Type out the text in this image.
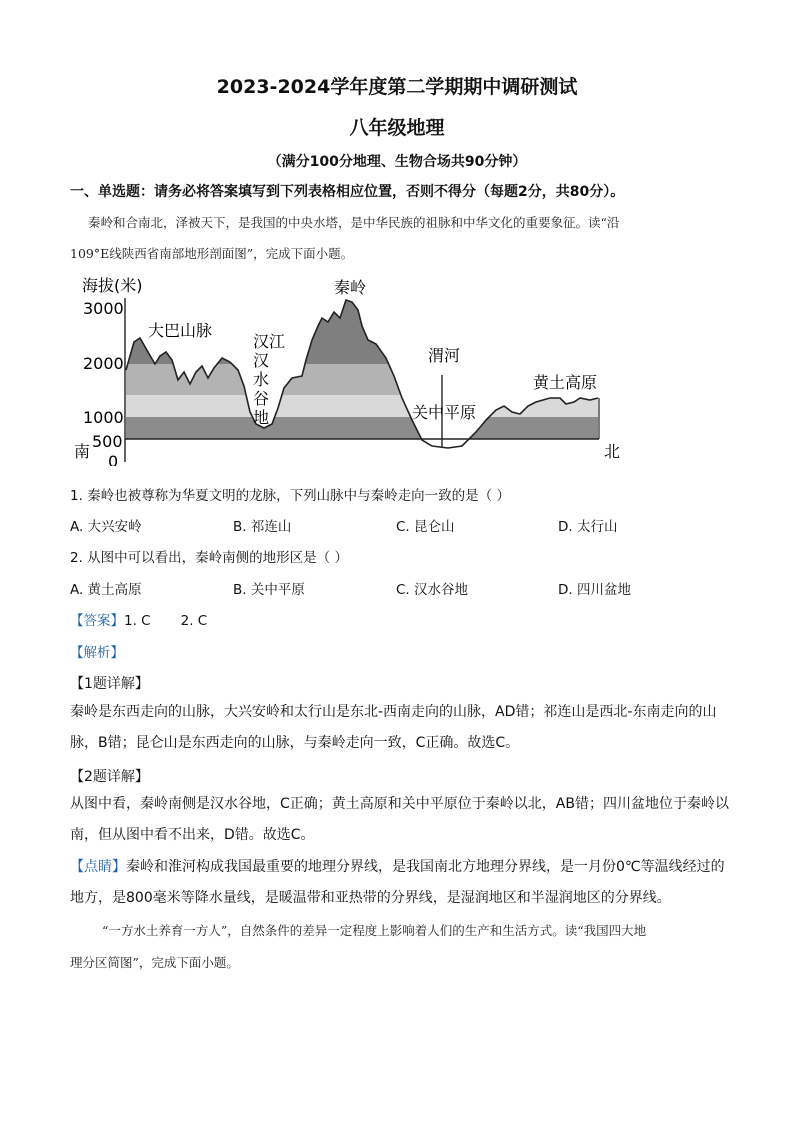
2023-2024学年度第二学期期中调研测试
八年级地理
（满分100分地理、生物合场共90分钟）
一、单选题：请务必将答案填写到下列表格相应位置，否则不得分（每题2分，共80分）。
秦岭和合南北，泽被天下，是我国的中央水塔，是中华民族的祖脉和中华文化的重要象征。读“沿
109°E线陕西省南部地形剖面图”，完成下面小题。
海拔(米)
3000
2000
1000
500
0
南	北
大巴山脉
汉江
汉
水
谷
地
秦岭
渭河
关中平原
黄土高原
1. 秦岭也被尊称为华夏文明的龙脉，下列山脉中与秦岭走向一致的是（ ）
A. 大兴安岭	B. 祁连山	C. 昆仑山	D. 太行山
2. 从图中可以看出，秦岭南侧的地形区是（ ）
A. 黄土高原	B. 关中平原	C. 汉水谷地	D. 四川盆地
【答案】1. C       2. C
【解析】
【1题详解】
秦岭是东西走向的山脉，大兴安岭和太行山是东北-西南走向的山脉，AD错；祁连山是西北-东南走向的山脉，B错；昆仑山是东西走向的山脉，与秦岭走向一致，C正确。故选C。
【2题详解】
从图中看，秦岭南侧是汉水谷地，C正确；黄土高原和关中平原位于秦岭以北，AB错；四川盆地位于秦岭以南，但从图中看不出来，D错。故选C。
【点睛】秦岭和淮河构成我国最重要的地理分界线，是我国南北方地理分界线，是一月份0℃等温线经过的地方，是800毫米等降水量线，是暖温带和亚热带的分界线，是湿润地区和半湿润地区的分界线。
“一方水土养育一方人”，自然条件的差异一定程度上影响着人们的生产和生活方式。读“我国四大地
理分区简图”，完成下面小题。
